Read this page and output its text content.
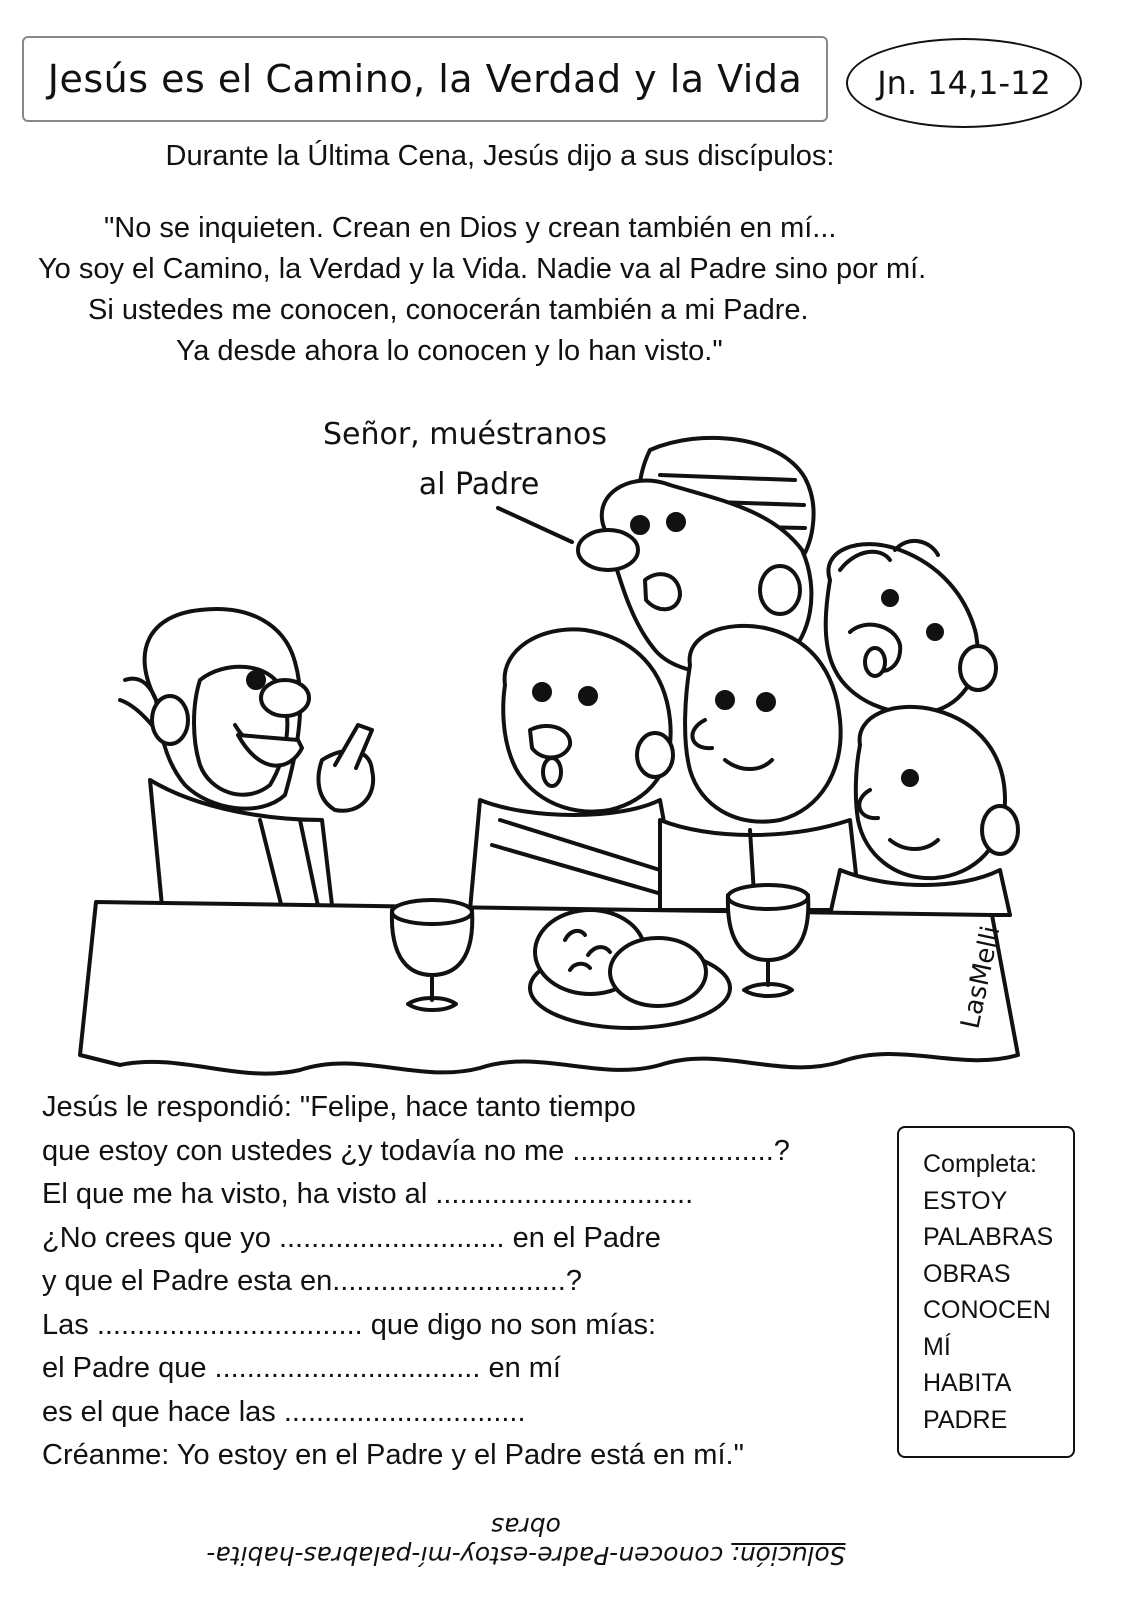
Jesús es el Camino, la Verdad y la Vida Jn. 14,1-12
Durante la Última Cena, Jesús dijo a sus discípulos:
"No se inquieten. Crean en Dios y crean también en mí...
Yo soy el Camino, la Verdad y la Vida. Nadie va al Padre sino por mí.
Si ustedes me conocen, conocerán también a mi Padre.
Ya desde ahora lo conocen y lo han visto."
LasMelli
Señor, muéstranos
al Padre
Jesús le respondió: "Felipe, hace tanto tiempo
que estoy con ustedes ¿y todavía no me .........................?
El que me ha visto, ha visto al ................................
¿No crees que yo ............................ en el Padre
y que el Padre esta en.............................?
Las ................................. que digo no son mías:
el Padre que ................................. en mí
es el que hace las ..............................
Créanme: Yo estoy en el Padre y el Padre está en mí."
Completa:
ESTOY
PALABRAS
OBRAS
CONOCEN
MÍ
HABITA
PADRE
Solución: conocen-Padre-estoy-mí-palabras-habita-obras
